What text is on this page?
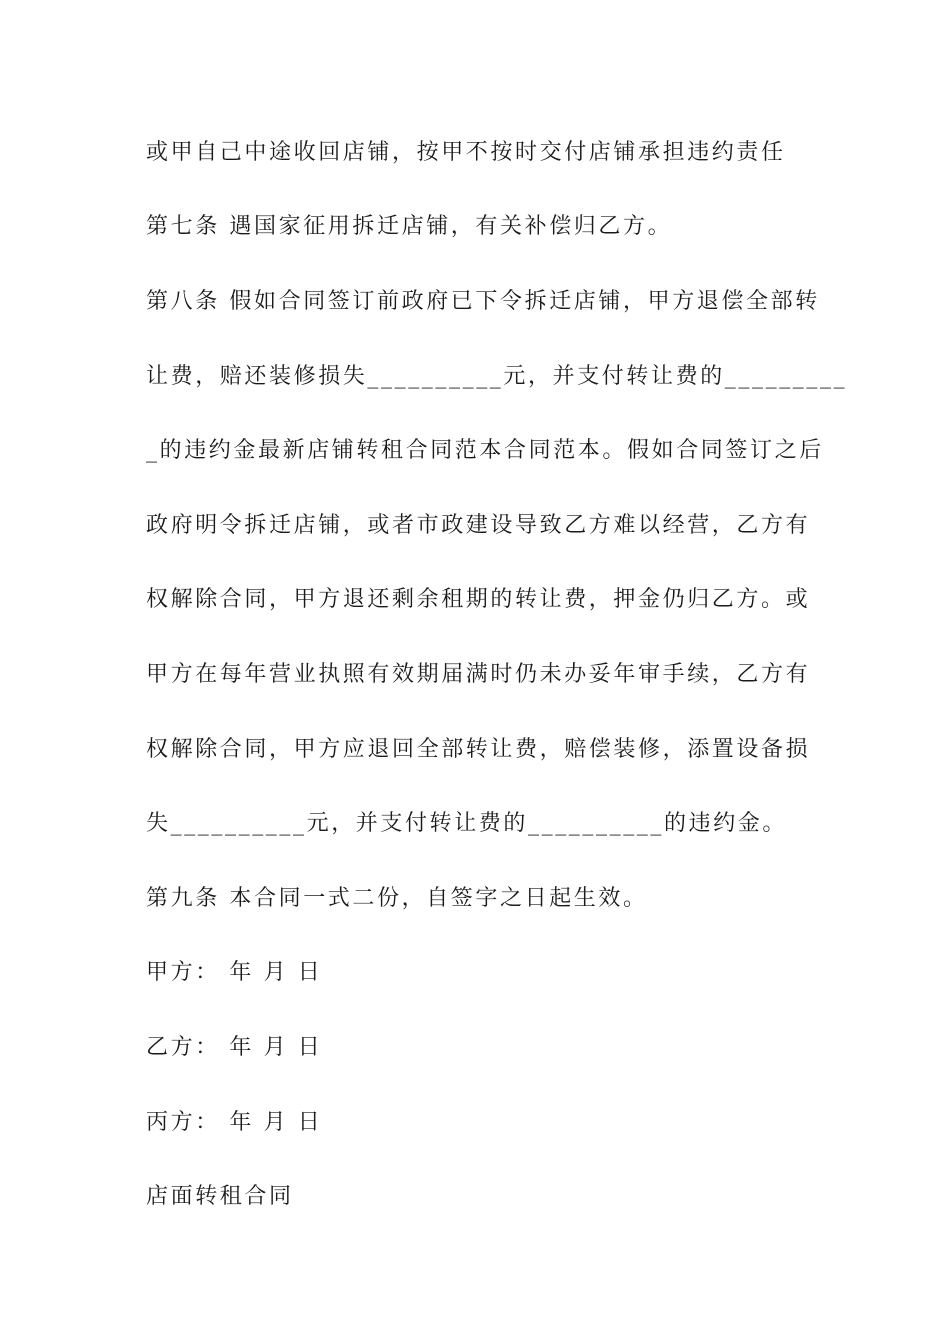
或甲自己中途收回店铺，按甲不按时交付店铺承担违约责任
第七条 遇国家征用拆迁店铺，有关补偿归乙方。
第八条 假如合同签订前政府已下令拆迁店铺，甲方退偿全部转
让费，赔还装修损失__________元，并支付转让费的_________
_的违约金最新店铺转租合同范本合同范本。假如合同签订之后
政府明令拆迁店铺，或者市政建设导致乙方难以经营，乙方有
权解除合同，甲方退还剩余租期的转让费，押金仍归乙方。或
甲方在每年营业执照有效期届满时仍未办妥年审手续，乙方有
权解除合同，甲方应退回全部转让费，赔偿装修，添置设备损
失__________元，并支付转让费的__________的违约金。
第九条 本合同一式二份，自签字之日起生效。
甲方： 年 月 日
乙方： 年 月 日
丙方： 年 月 日
店面转租合同
